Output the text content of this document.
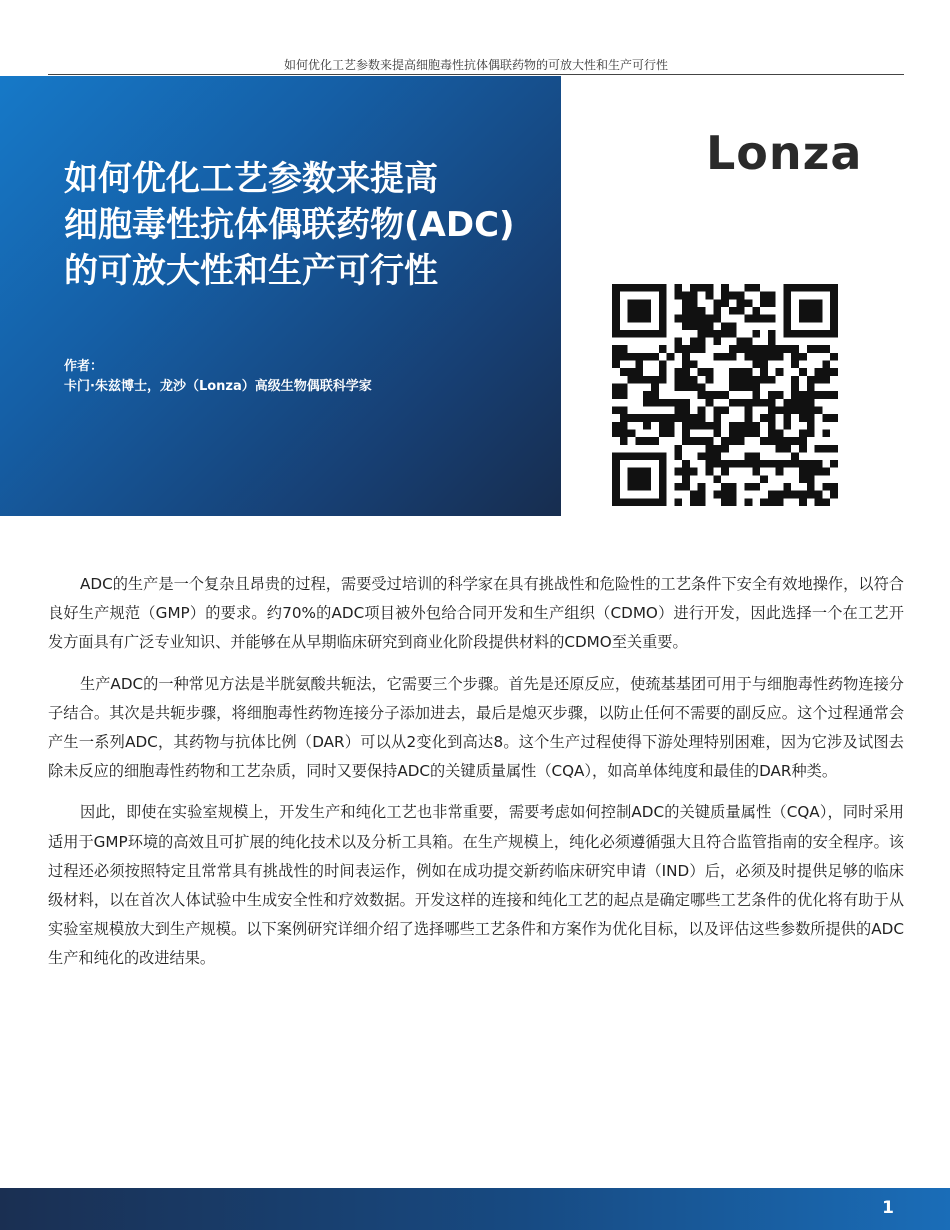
如何优化工艺参数来提高细胞毒性抗体偶联药物的可放大性和生产可行性
如何优化工艺参数来提高
细胞毒性抗体偶联药物(ADC)
的可放大性和生产可行性
作者：
卡门·朱兹博士，龙沙（Lonza）高级生物偶联科学家
Lonza

ADC的生产是一个复杂且昂贵的过程，需要受过培训的科学家在具有挑战性和危险性的工艺条件下安全有效地操作，以符合良好生产规范（GMP）的要求。约70%的ADC项目被外包给合同开发和生产组织（CDMO）进行开发，因此选择一个在工艺开发方面具有广泛专业知识、并能够在从早期临床研究到商业化阶段提供材料的CDMO至关重要。

生产ADC的一种常见方法是半胱氨酸共轭法，它需要三个步骤。首先是还原反应，使巯基基团可用于与细胞毒性药物连接分子结合。其次是共轭步骤，将细胞毒性药物连接分子添加进去，最后是熄灭步骤，以防止任何不需要的副反应。这个过程通常会产生一系列ADC，其药物与抗体比例（DAR）可以从2变化到高达8。这个生产过程使得下游处理特别困难，因为它涉及试图去除未反应的细胞毒性药物和工艺杂质，同时又要保持ADC的关键质量属性（CQA），如高单体纯度和最佳的DAR种类。

因此，即使在实验室规模上，开发生产和纯化工艺也非常重要，需要考虑如何控制ADC的关键质量属性（CQA），同时采用适用于GMP环境的高效且可扩展的纯化技术以及分析工具箱。在生产规模上，纯化必须遵循强大且符合监管指南的安全程序。该过程还必须按照特定且常常具有挑战性的时间表运作，例如在成功提交新药临床研究申请（IND）后，必须及时提供足够的临床级材料，以在首次人体试验中生成安全性和疗效数据。开发这样的连接和纯化工艺的起点是确定哪些工艺条件的优化将有助于从实验室规模放大到生产规模。以下案例研究详细介绍了选择哪些工艺条件和方案作为优化目标，以及评估这些参数所提供的ADC生产和纯化的改进结果。

1
